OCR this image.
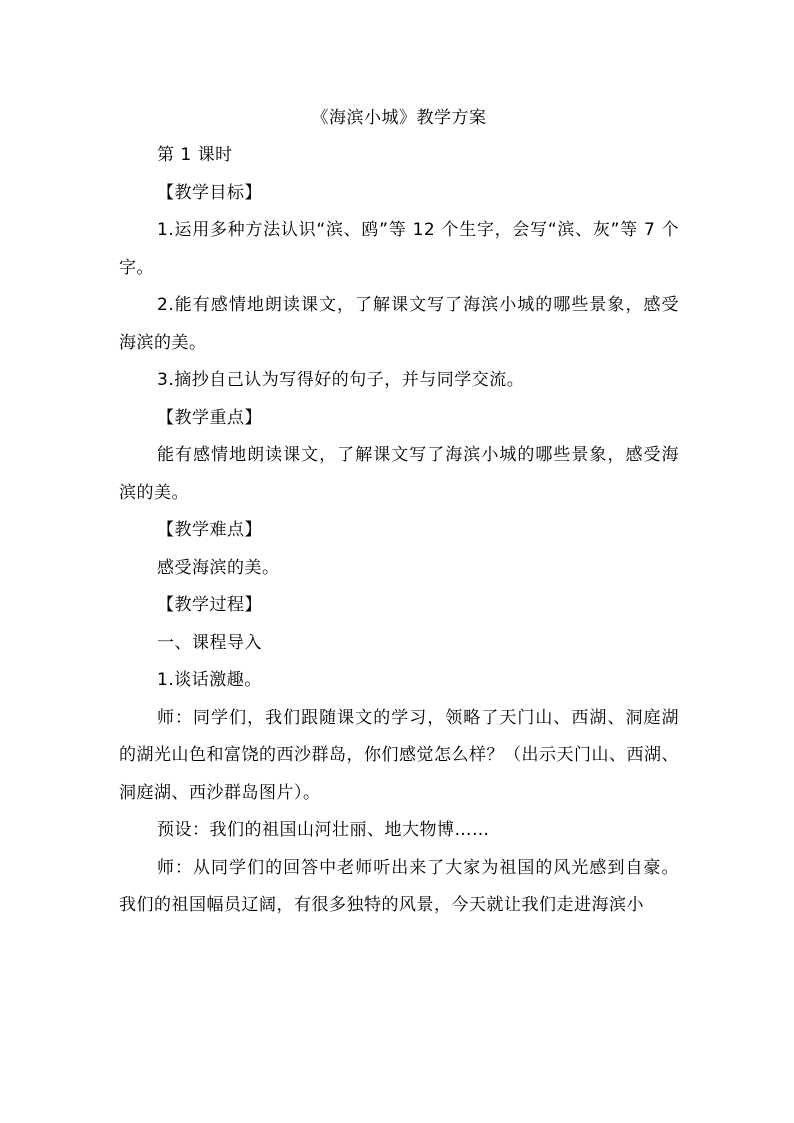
《海滨小城》教学方案

第 1 课时

【教学目标】

1.运用多种方法认识“滨、鸥”等 12 个生字，会写“滨、灰”等 7 个字。

2.能有感情地朗读课文，了解课文写了海滨小城的哪些景象，感受海滨的美。

3.摘抄自己认为写得好的句子，并与同学交流。

【教学重点】

能有感情地朗读课文，了解课文写了海滨小城的哪些景象，感受海滨的美。

【教学难点】

感受海滨的美。

【教学过程】

一、课程导入

1.谈话激趣。

师：同学们，我们跟随课文的学习，领略了天门山、西湖、洞庭湖的湖光山色和富饶的西沙群岛，你们感觉怎么样？（出示天门山、西湖、洞庭湖、西沙群岛图片）。

预设：我们的祖国山河壮丽、地大物博……

师：从同学们的回答中老师听出来了大家为祖国的风光感到自豪。我们的祖国幅员辽阔，有很多独特的风景，今天就让我们走进海滨小
